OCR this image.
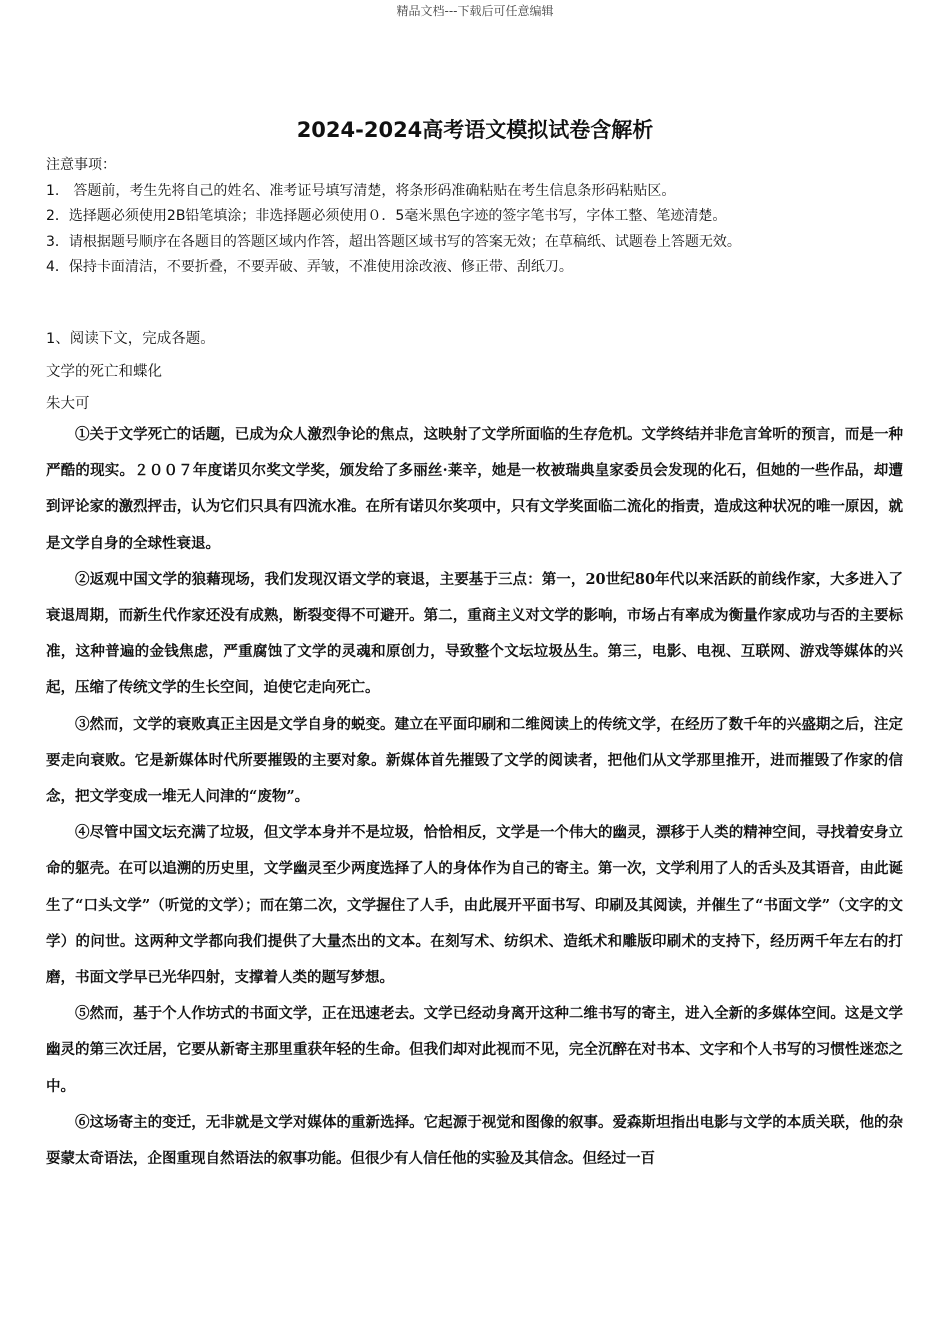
精品文档---下载后可任意编辑
2024-2024高考语文模拟试卷含解析
注意事项：
1.　答题前，考生先将自己的姓名、准考证号填写清楚，将条形码准确粘贴在考生信息条形码粘贴区。
2．选择题必须使用2B铅笔填涂；非选择题必须使用０．5毫米黑色字迹的签字笔书写，字体工整、笔迹清楚。
3．请根据题号顺序在各题目的答题区域内作答，超出答题区域书写的答案无效；在草稿纸、试题卷上答题无效。
4．保持卡面清洁，不要折叠，不要弄破、弄皱，不准使用涂改液、修正带、刮纸刀。
1、阅读下文，完成各题。
文学的死亡和蝶化
朱大可

①关于文学死亡的话题，已成为众人激烈争论的焦点，这映射了文学所面临的生存危机。文学终结并非危言耸听的预言，而是一种严酷的现实。２００７年度诺贝尔奖文学奖，颁发给了多丽丝·莱辛，她是一枚被瑞典皇家委员会发现的化石，但她的一些作品，却遭到评论家的激烈抨击，认为它们只具有四流水准。在所有诺贝尔奖项中，只有文学奖面临二流化的指责，造成这种状况的唯一原因，就是文学自身的全球性衰退。

②返观中国文学的狼藉现场，我们发现汉语文学的衰退，主要基于三点：第一，20世纪80年代以来活跃的前线作家，大多进入了衰退周期，而新生代作家还没有成熟，断裂变得不可避开。第二，重商主义对文学的影响，市场占有率成为衡量作家成功与否的主要标准，这种普遍的金钱焦虑，严重腐蚀了文学的灵魂和原创力，导致整个文坛垃圾丛生。第三，电影、电视、互联网、游戏等媒体的兴起，压缩了传统文学的生长空间，迫使它走向死亡。

③然而，文学的衰败真正主因是文学自身的蜕变。建立在平面印刷和二维阅读上的传统文学，在经历了数千年的兴盛期之后，注定要走向衰败。它是新媒体时代所要摧毁的主要对象。新媒体首先摧毁了文学的阅读者，把他们从文学那里推开，进而摧毁了作家的信念，把文学变成一堆无人问津的“废物”。

④尽管中国文坛充满了垃圾，但文学本身并不是垃圾，恰恰相反，文学是一个伟大的幽灵，漂移于人类的精神空间，寻找着安身立命的躯壳。在可以追溯的历史里，文学幽灵至少两度选择了人的身体作为自己的寄主。第一次，文学利用了人的舌头及其语音，由此诞生了“口头文学”（听觉的文学）；而在第二次，文学握住了人手，由此展开平面书写、印刷及其阅读，并催生了“书面文学”（文字的文学）的问世。这两种文学都向我们提供了大量杰出的文本。在刻写术、纺织术、造纸术和雕版印刷术的支持下，经历两千年左右的打磨，书面文学早已光华四射，支撑着人类的题写梦想。

⑤然而，基于个人作坊式的书面文学，正在迅速老去。文学已经动身离开这种二维书写的寄主，进入全新的多媒体空间。这是文学幽灵的第三次迁居，它要从新寄主那里重获年轻的生命。但我们却对此视而不见，完全沉醉在对书本、文字和个人书写的习惯性迷恋之中。

⑥这场寄主的变迁，无非就是文学对媒体的重新选择。它起源于视觉和图像的叙事。爱森斯坦指出电影与文学的本质关联，他的杂耍蒙太奇语法，企图重现自然语法的叙事功能。但很少有人信任他的实验及其信念。但经过一百
